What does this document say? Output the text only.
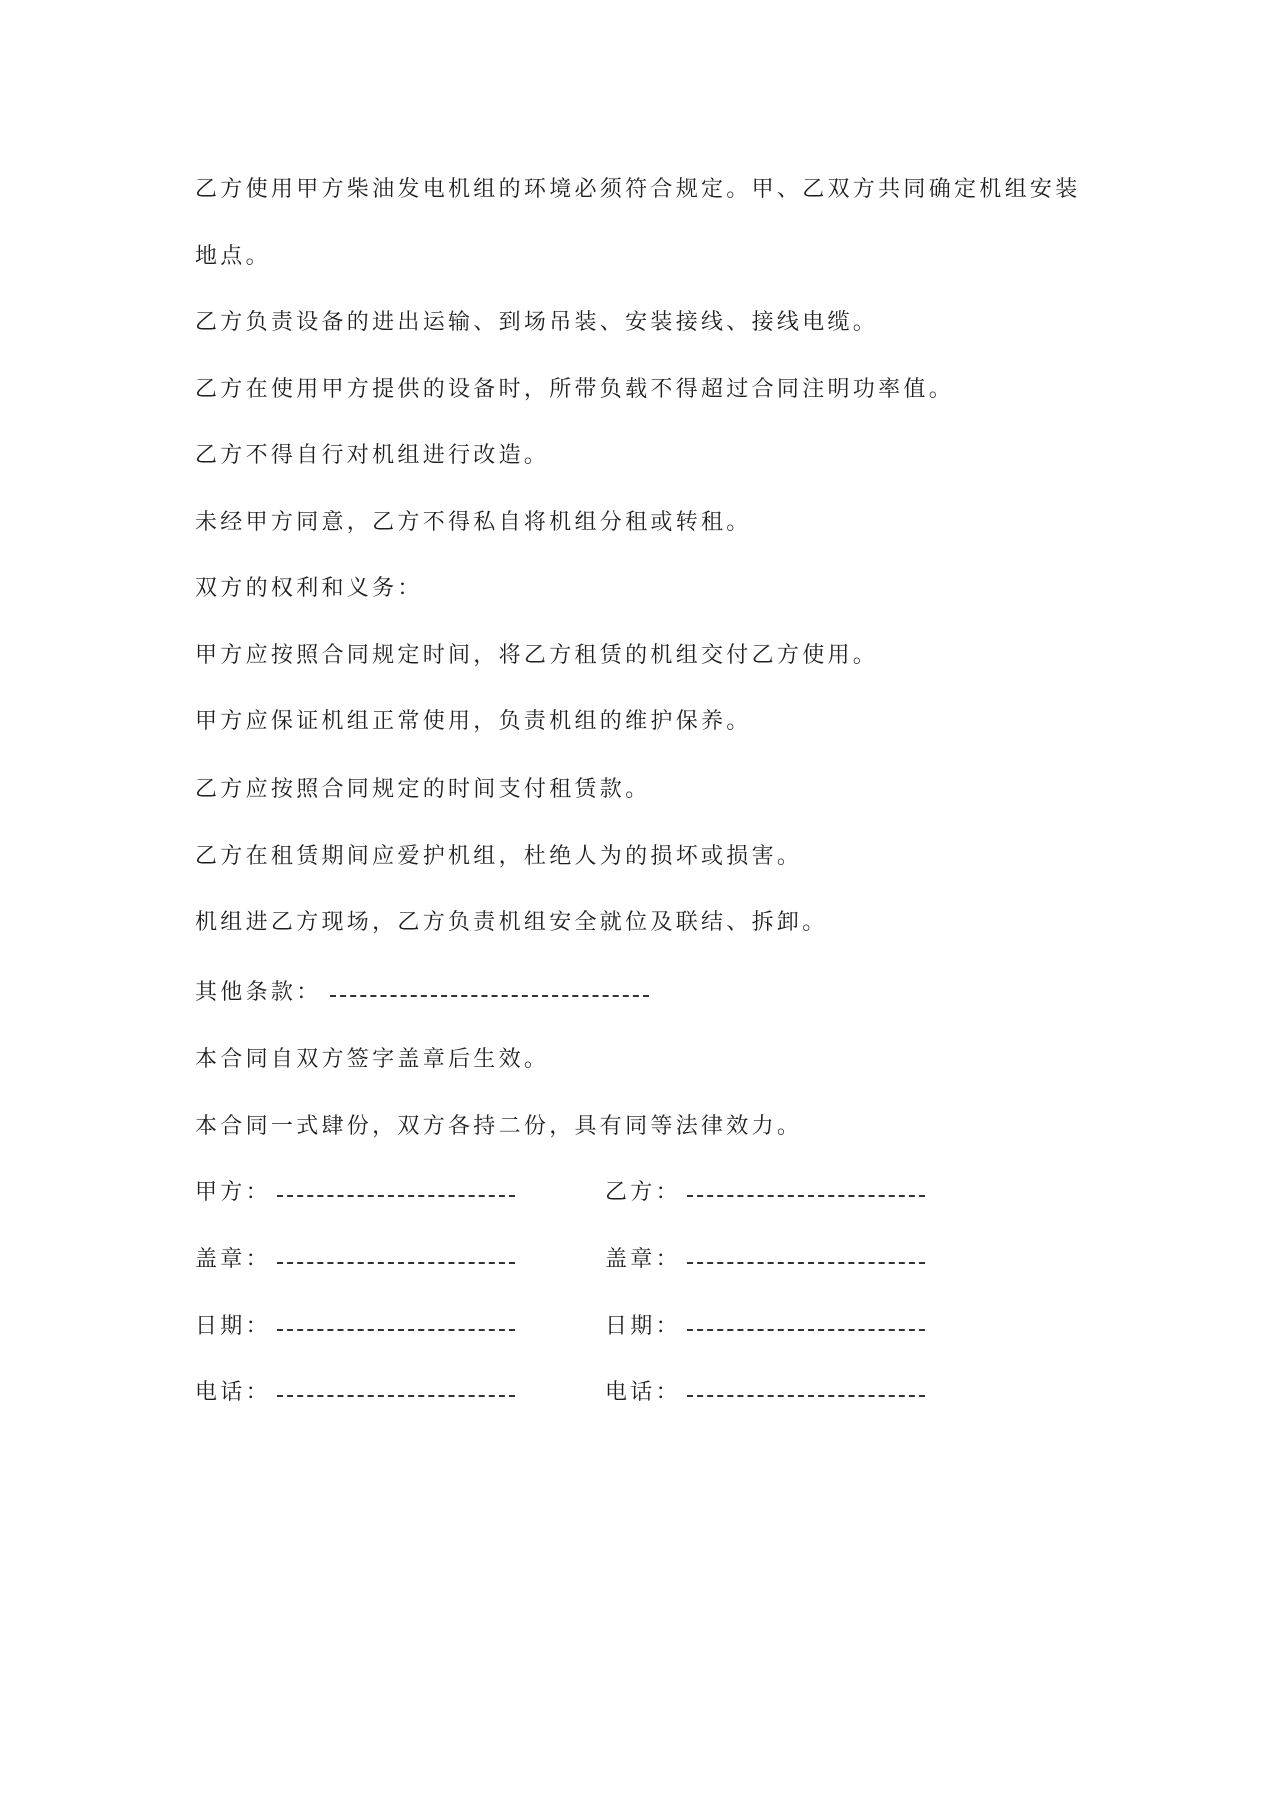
乙方使用甲方柴油发电机组的环境必须符合规定。甲、乙双方共同确定机组安装
地点。
乙方负责设备的进出运输、到场吊装、安装接线、接线电缆。
乙方在使用甲方提供的设备时，所带负载不得超过合同注明功率值。
乙方不得自行对机组进行改造。
未经甲方同意，乙方不得私自将机组分租或转租。
双方的权利和义务：
甲方应按照合同规定时间，将乙方租赁的机组交付乙方使用。
甲方应保证机组正常使用，负责机组的维护保养。
乙方应按照合同规定的时间支付租赁款。
乙方在租赁期间应爱护机组，杜绝人为的损坏或损害。
机组进乙方现场，乙方负责机组安全就位及联结、拆卸。
其他条款：
本合同自双方签字盖章后生效。
本合同一式肆份，双方各持二份，具有同等法律效力。
甲方：
盖章：
日期：
电话：
乙方：
盖章：
日期：
电话：
